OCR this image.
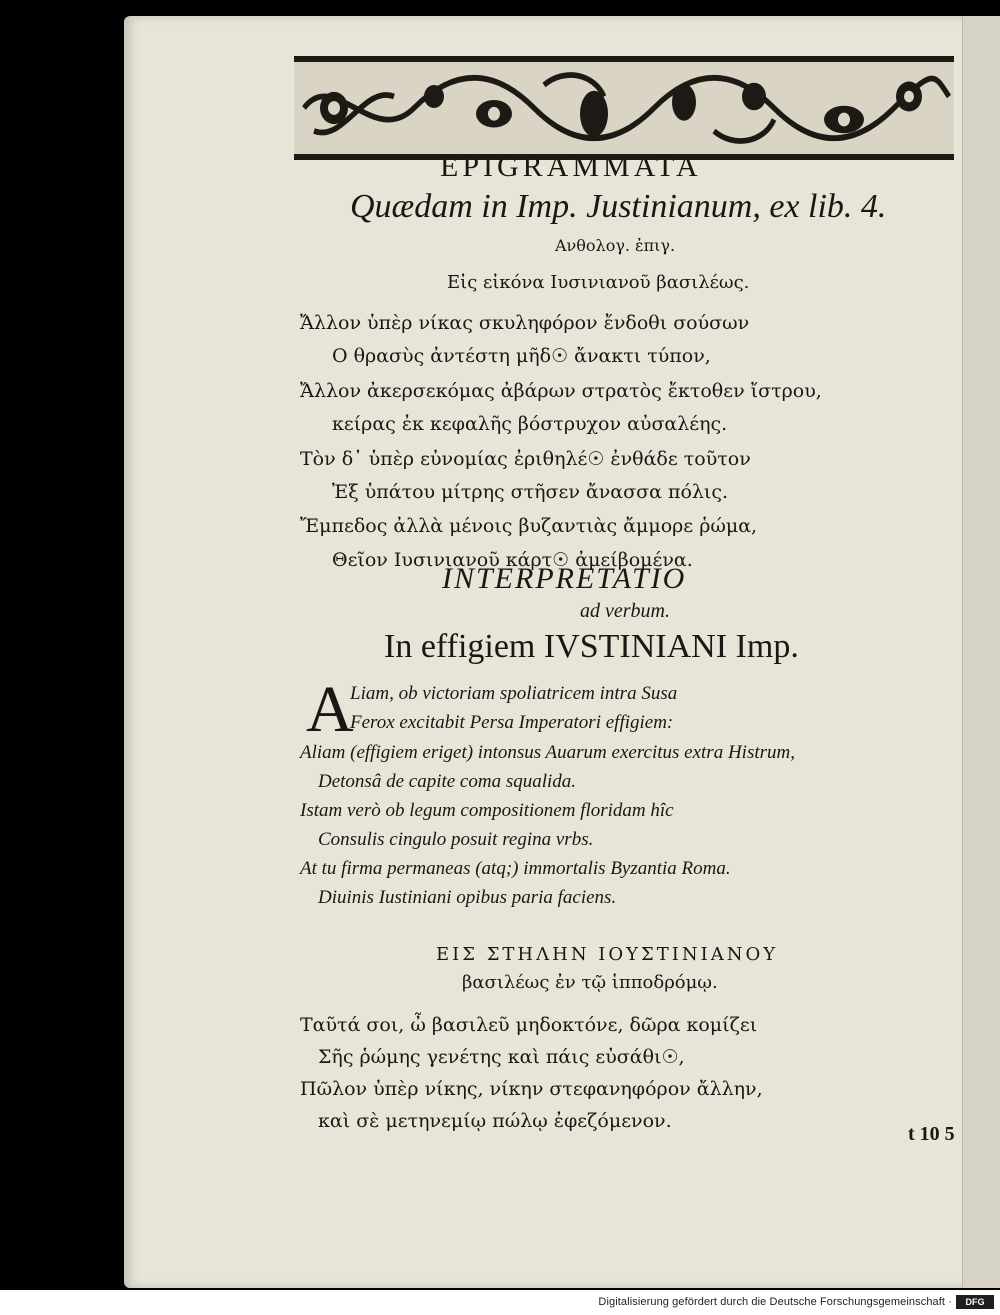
EPIGRAMMATA
Quædam in Imp. Justinianum, ex lib. 4.
Ανθολογ. ἐπιγ.
Εἰς εἰκόνα Ιυσινιανοῦ βασιλέως.
Ἄλλον ὑπὲρ νίκας σκυληφόρον ἔνδοθι σούσων
Ο θρασὺς ἀντέστη μῆδ☉ ἄνακτι τύπον,
Ἄλλον ἀκερσεκόμας ἀβάρων στρατὸς ἔκτοθεν ἴστρου,
κείρας ἐκ κεφαλῆς βόστρυχον αὐσαλέης.
Τὸν δ᾽ ὑπὲρ εὐνομίας ἐριθηλέ☉ ἐνθάδε τοῦτον
Ἐξ ὑπάτου μίτρης στῆσεν ἄνασσα πόλις.
Ἔμπεδος ἀλλὰ μένοις βυζαντιὰς ἄμμορε ῥώμα,
Θεῖον Ιυσινιανοῦ κάρτ☉ ἀμείβομένα.
INTERPRETATIO
ad verbum.
In effigiem IVSTINIANI Imp.
A
Liam, ob victoriam spoliatricem intra Susa
Ferox excitabit Persa Imperatori effigiem:
Aliam (effigiem eriget) intonsus Auarum exercitus extra Histrum,
Detonsâ de capite coma squalida.
Istam verò ob legum compositionem floridam hîc
Consulis cingulo posuit regina vrbs.
At tu firma permaneas (atq;) immortalis Byzantia Roma.
Diuinis Iustiniani opibus paria faciens.
ΕΙΣ ΣΤΗΛΗΝ ΙΟΥΣΤΙΝΙΑΝΟΥ
βασιλέως ἐν τῷ ἱπποδρόμῳ.
Ταῦτά σοι, ὦ βασιλεῦ μηδοκτόνε, δῶρα κομίζει
Σῆς ῥώμης γενέτης καὶ πάις εὐσάθι☉,
Πῶλον ὑπὲρ νίκης, νίκην στεφανηφόρον ἄλλην,
καὶ σὲ μετηνεμίῳ πώλῳ ἐφεζόμενον.
t 10 5
Digitalisierung gefördert durch die Deutsche Forschungsgemeinschaft ·	DFG
